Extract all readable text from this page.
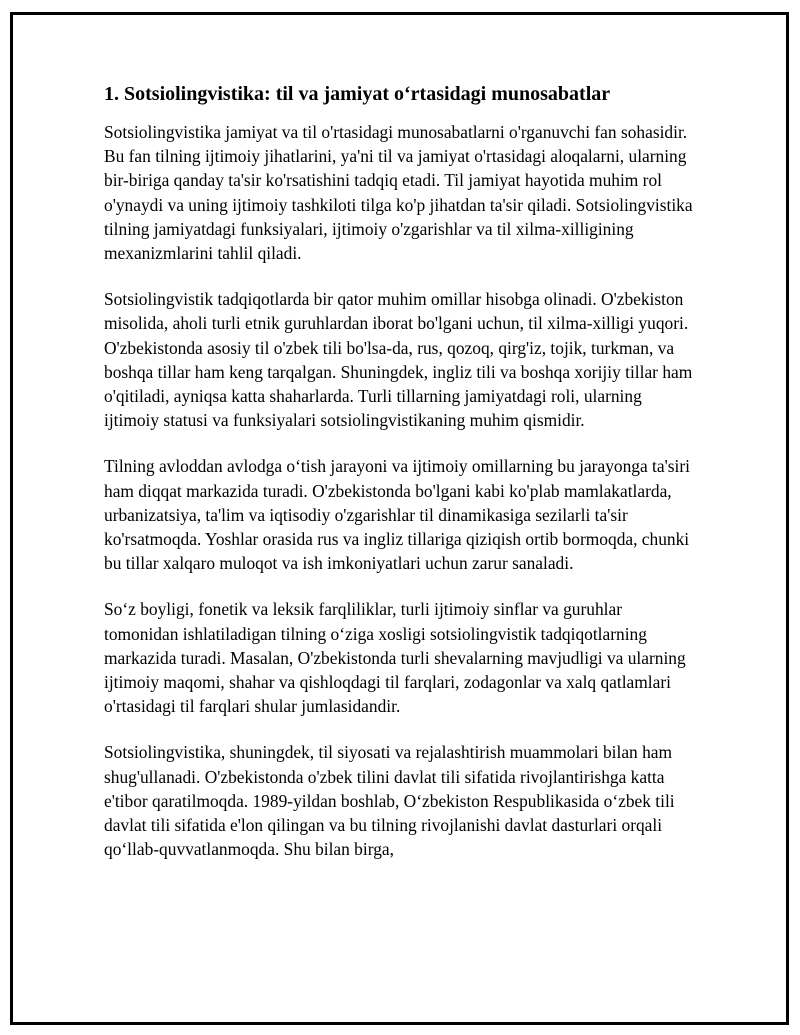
1. Sotsiolingvistika: til va jamiyat o‘rtasidagi munosabatlar

Sotsiolingvistika jamiyat va til o'rtasidagi munosabatlarni o'rganuvchi fan sohasidir. Bu fan tilning ijtimoiy jihatlarini, ya'ni til va jamiyat o'rtasidagi aloqalarni, ularning bir-biriga qanday ta'sir ko'rsatishini tadqiq etadi. Til jamiyat hayotida muhim rol o'ynaydi va uning ijtimoiy tashkiloti tilga ko'p jihatdan ta'sir qiladi. Sotsiolingvistika tilning jamiyatdagi funksiyalari, ijtimoiy o'zgarishlar va til xilma-xilligining mexanizmlarini tahlil qiladi.

Sotsiolingvistik tadqiqotlarda bir qator muhim omillar hisobga olinadi. O'zbekiston misolida, aholi turli etnik guruhlardan iborat bo'lgani uchun, til xilma-xilligi yuqori. O'zbekistonda asosiy til o'zbek tili bo'lsa-da, rus, qozoq, qirg'iz, tojik, turkman, va boshqa tillar ham keng tarqalgan. Shuningdek, ingliz tili va boshqa xorijiy tillar ham o'qitiladi, ayniqsa katta shaharlarda. Turli tillarning jamiyatdagi roli, ularning ijtimoiy statusi va funksiyalari sotsiolingvistikaning muhim qismidir.

Tilning avloddan avlodga o‘tish jarayoni va ijtimoiy omillarning bu jarayonga ta'siri ham diqqat markazida turadi. O'zbekistonda bo'lgani kabi ko'plab mamlakatlarda, urbanizatsiya, ta'lim va iqtisodiy o'zgarishlar til dinamikasiga sezilarli ta'sir ko'rsatmoqda. Yoshlar orasida rus va ingliz tillariga qiziqish ortib bormoqda, chunki bu tillar xalqaro muloqot va ish imkoniyatlari uchun zarur sanaladi.

So‘z boyligi, fonetik va leksik farqliliklar, turli ijtimoiy sinflar va guruhlar tomonidan ishlatiladigan tilning o‘ziga xosligi sotsiolingvistik tadqiqotlarning markazida turadi. Masalan, O'zbekistonda turli shevalarning mavjudligi va ularning ijtimoiy maqomi, shahar va qishloqdagi til farqlari, zodagonlar va xalq qatlamlari o'rtasidagi til farqlari shular jumlasidandir.

Sotsiolingvistika, shuningdek, til siyosati va rejalashtirish muammolari bilan ham shug'ullanadi. O'zbekistonda o'zbek tilini davlat tili sifatida rivojlantirishga katta e'tibor qaratilmoqda. 1989-yildan boshlab, O‘zbekiston Respublikasida o‘zbek tili davlat tili sifatida e'lon qilingan va bu tilning rivojlanishi davlat dasturlari orqali qo‘llab-quvvatlanmoqda. Shu bilan birga,
